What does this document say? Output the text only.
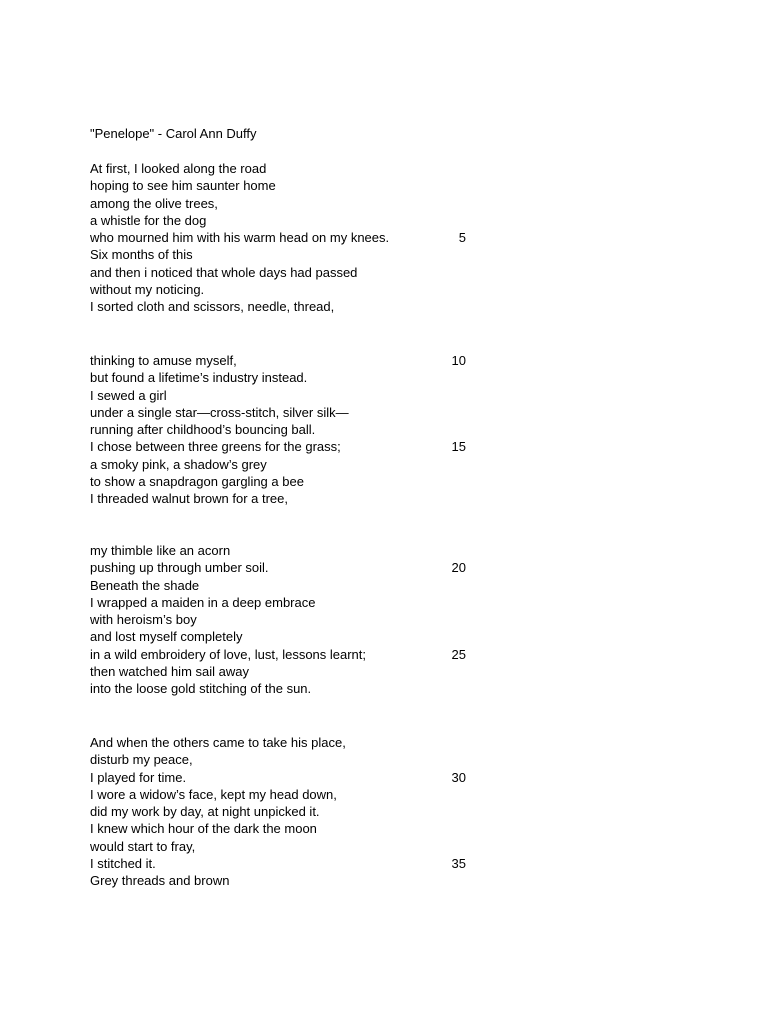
"Penelope" - Carol Ann Duffy
At first, I looked along the road
hoping to see him saunter home
among the olive trees,
a whistle for the dog
who mourned him with his warm head on my knees.	5
Six months of this
and then i noticed that whole days had passed
without my noticing.
I sorted cloth and scissors, needle, thread,
thinking to amuse myself,	10
but found a lifetime’s industry instead.
I sewed a girl
under a single star—cross-stitch, silver silk—
running after childhood’s bouncing ball.
I chose between three greens for the grass;	15
a smoky pink, a shadow’s grey
to show a snapdragon gargling a bee
I threaded walnut brown for a tree,
my thimble like an acorn
pushing up through umber soil.	20
Beneath the shade
I wrapped a maiden in a deep embrace
with heroism’s boy
and lost myself completely
in a wild embroidery of love, lust, lessons learnt;	25
then watched him sail away
into the loose gold stitching of the sun.
And when the others came to take his place,
disturb my peace,
I played for time.	30
I wore a widow’s face, kept my head down,
did my work by day, at night unpicked it.
I knew which hour of the dark the moon
would start to fray,
I stitched it.	35
Grey threads and brown
